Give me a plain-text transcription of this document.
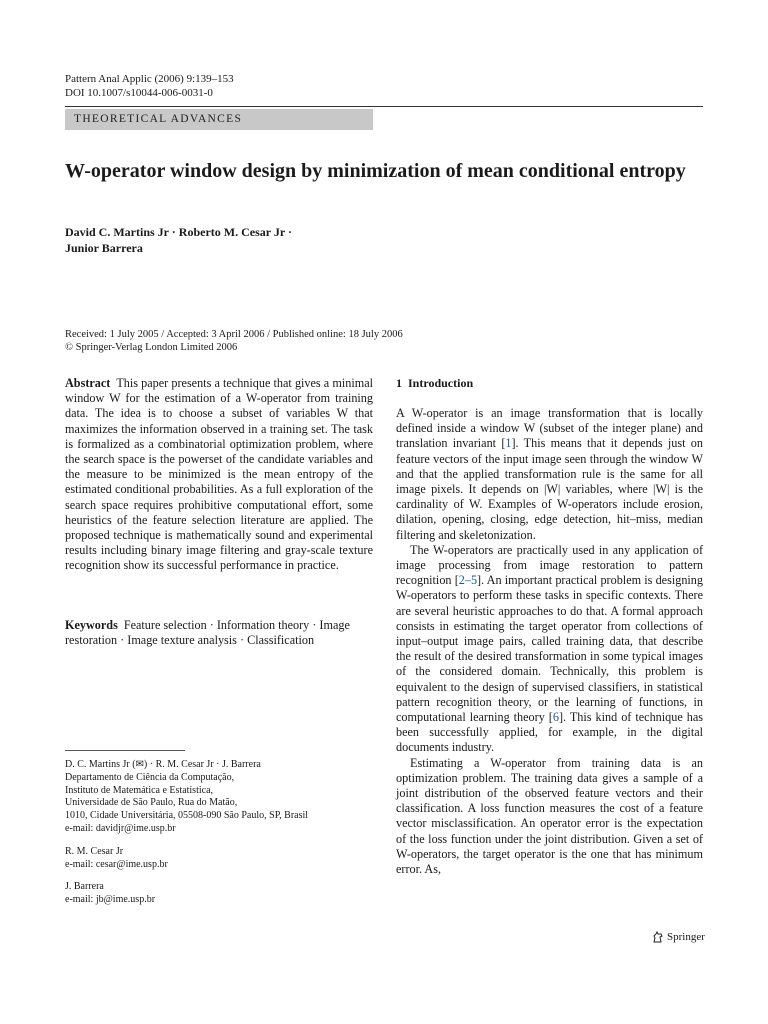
Pattern Anal Applic (2006) 9:139–153
DOI 10.1007/s10044-006-0031-0
THEORETICAL ADVANCES
W-operator window design by minimization of mean conditional entropy
David C. Martins Jr · Roberto M. Cesar Jr ·
Junior Barrera
Received: 1 July 2005 / Accepted: 3 April 2006 / Published online: 18 July 2006
© Springer-Verlag London Limited 2006
Abstract This paper presents a technique that gives a minimal window W for the estimation of a W-operator from training data. The idea is to choose a subset of variables W that maximizes the information observed in a training set. The task is formalized as a combinatorial optimization problem, where the search space is the powerset of the candidate variables and the measure to be minimized is the mean entropy of the estimated conditional probabilities. As a full exploration of the search space requires prohibitive computational effort, some heuristics of the feature selection literature are applied. The proposed technique is mathematically sound and experimental results including binary image filtering and gray-scale texture recognition show its successful performance in practice.
Keywords Feature selection · Information theory · Image restoration · Image texture analysis · Classification
D. C. Martins Jr (✉) · R. M. Cesar Jr · J. Barrera
Departamento de Ciência da Computação,
Instituto de Matemática e Estatística,
Universidade de São Paulo, Rua do Matão,
1010, Cidade Universitária, 05508-090 São Paulo, SP, Brasil
e-mail: davidjr@ime.usp.br
R. M. Cesar Jr
e-mail: cesar@ime.usp.br
J. Barrera
e-mail: jb@ime.usp.br
1 Introduction

A W-operator is an image transformation that is locally defined inside a window W (subset of the integer plane) and translation invariant [1]. This means that it depends just on feature vectors of the input image seen through the window W and that the applied transformation rule is the same for all image pixels. It depends on |W| variables, where |W| is the cardinality of W. Examples of W-operators include erosion, dilation, opening, closing, edge detection, hit–miss, median filtering and skeletonization.

The W-operators are practically used in any application of image processing from image restoration to pattern recognition [2–5]. An important practical problem is designing W-operators to perform these tasks in specific contexts. There are several heuristic approaches to do that. A formal approach consists in estimating the target operator from collections of input–output image pairs, called training data, that describe the result of the desired transformation in some typical images of the considered domain. Technically, this problem is equivalent to the design of supervised classifiers, in statistical pattern recognition theory, or the learning of functions, in computational learning theory [6]. This kind of technique has been successfully applied, for example, in the digital documents industry.

Estimating a W-operator from training data is an optimization problem. The training data gives a sample of a joint distribution of the observed feature vectors and their classification. A loss function measures the cost of a feature vector misclassification. An operator error is the expectation of the loss function under the joint distribution. Given a set of W-operators, the target operator is the one that has minimum error. As,

Springer
